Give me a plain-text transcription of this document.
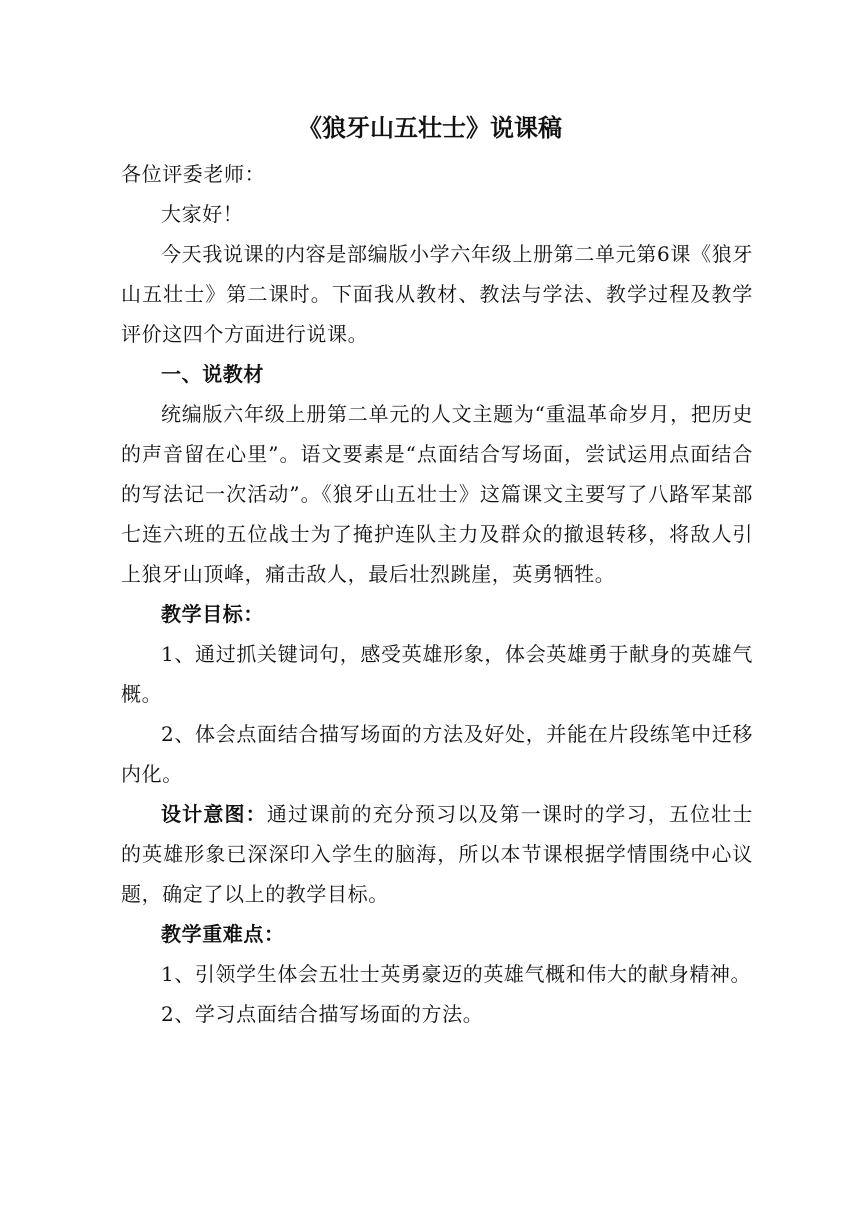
《狼牙山五壮士》说课稿

各位评委老师：

大家好！

今天我说课的内容是部编版小学六年级上册第二单元第6课《狼牙山五壮士》第二课时。下面我从教材、教法与学法、教学过程及教学评价这四个方面进行说课。

一、说教材

统编版六年级上册第二单元的人文主题为“重温革命岁月，把历史的声音留在心里”。语文要素是“点面结合写场面，尝试运用点面结合的写法记一次活动”。《狼牙山五壮士》这篇课文主要写了八路军某部七连六班的五位战士为了掩护连队主力及群众的撤退转移，将敌人引上狼牙山顶峰，痛击敌人，最后壮烈跳崖，英勇牺牲。

教学目标：

1、通过抓关键词句，感受英雄形象，体会英雄勇于献身的英雄气概。

2、体会点面结合描写场面的方法及好处，并能在片段练笔中迁移内化。

设计意图：通过课前的充分预习以及第一课时的学习，五位壮士的英雄形象已深深印入学生的脑海，所以本节课根据学情围绕中心议题，确定了以上的教学目标。

教学重难点：

1、引领学生体会五壮士英勇豪迈的英雄气概和伟大的献身精神。

2、学习点面结合描写场面的方法。
